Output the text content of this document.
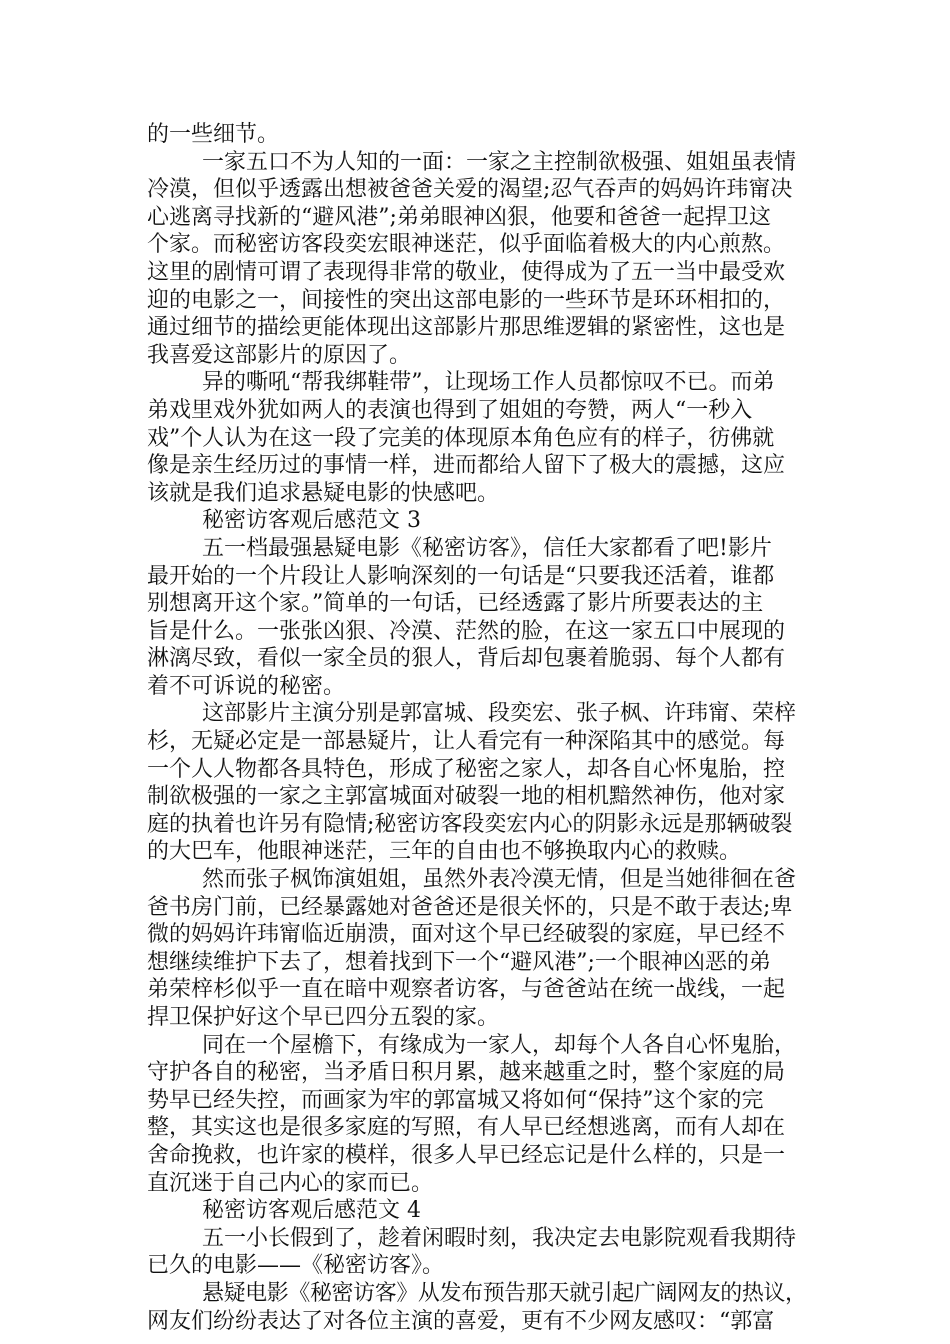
的一些细节。
一家五口不为人知的一面：一家之主控制欲极强、姐姐虽表情
冷漠，但似乎透露出想被爸爸关爱的渴望;忍气吞声的妈妈许玮甯决
心逃离寻找新的“避风港”;弟弟眼神凶狠，他要和爸爸一起捍卫这
个家。而秘密访客段奕宏眼神迷茫，似乎面临着极大的内心煎熬。
这里的剧情可谓了表现得非常的敬业，使得成为了五一当中最受欢
迎的电影之一，间接性的突出这部电影的一些环节是环环相扣的，
通过细节的描绘更能体现出这部影片那思维逻辑的紧密性，这也是
我喜爱这部影片的原因了。
异的嘶吼“帮我绑鞋带”，让现场工作人员都惊叹不已。而弟
弟戏里戏外犹如两人的表演也得到了姐姐的夸赞，两人“一秒入
戏”个人认为在这一段了完美的体现原本角色应有的样子，彷佛就
像是亲生经历过的事情一样，进而都给人留下了极大的震撼，这应
该就是我们追求悬疑电影的快感吧。
秘密访客观后感范文 3
五一档最强悬疑电影《秘密访客》，信任大家都看了吧!影片
最开始的一个片段让人影响深刻的一句话是“只要我还活着，谁都
别想离开这个家。”简单的一句话，已经透露了影片所要表达的主
旨是什么。一张张凶狠、冷漠、茫然的脸，在这一家五口中展现的
淋漓尽致，看似一家全员的狠人，背后却包裹着脆弱、每个人都有
着不可诉说的秘密。
这部影片主演分别是郭富城、段奕宏、张子枫、许玮甯、荣梓
杉，无疑必定是一部悬疑片，让人看完有一种深陷其中的感觉。每
一个人人物都各具特色，形成了秘密之家人，却各自心怀鬼胎，控
制欲极强的一家之主郭富城面对破裂一地的相机黯然神伤，他对家
庭的执着也许另有隐情;秘密访客段奕宏内心的阴影永远是那辆破裂
的大巴车，他眼神迷茫，三年的自由也不够换取内心的救赎。
然而张子枫饰演姐姐，虽然外表冷漠无情，但是当她徘徊在爸
爸书房门前，已经暴露她对爸爸还是很关怀的，只是不敢于表达;卑
微的妈妈许玮甯临近崩溃，面对这个早已经破裂的家庭，早已经不
想继续维护下去了，想着找到下一个“避风港”;一个眼神凶恶的弟
弟荣梓杉似乎一直在暗中观察者访客，与爸爸站在统一战线，一起
捍卫保护好这个早已四分五裂的家。
同在一个屋檐下，有缘成为一家人，却每个人各自心怀鬼胎，
守护各自的秘密，当矛盾日积月累，越来越重之时，整个家庭的局
势早已经失控，而画家为牢的郭富城又将如何“保持”这个家的完
整，其实这也是很多家庭的写照，有人早已经想逃离，而有人却在
舍命挽救，也许家的模样，很多人早已经忘记是什么样的，只是一
直沉迷于自己内心的家而已。
秘密访客观后感范文 4
五一小长假到了，趁着闲暇时刻，我决定去电影院观看我期待
已久的电影——《秘密访客》。
悬疑电影《秘密访客》从发布预告那天就引起广阔网友的热议，
网友们纷纷表达了对各位主演的喜爱，更有不少网友感叹：“郭富
